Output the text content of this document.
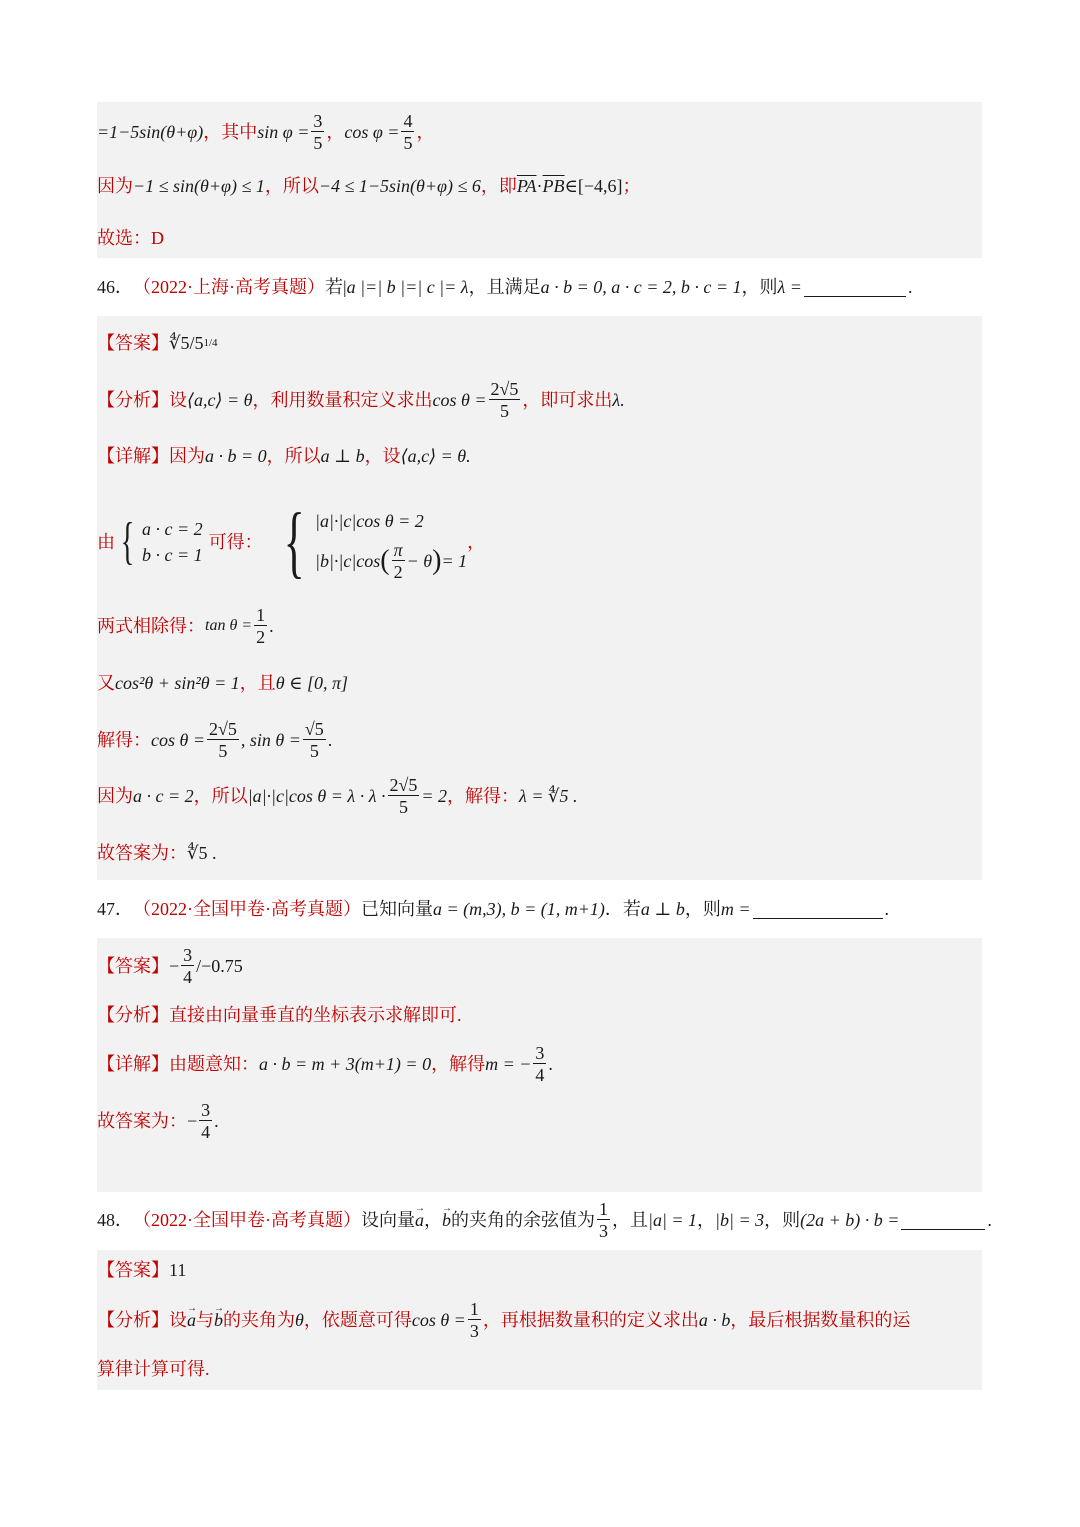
=1−5sin(θ+φ) ，其中 $\sin \varphi = \frac{3}{5}$ ， $\cos \varphi = \frac{4}{5}$ ，
因为 −1 ≤ sin(θ+φ) ≤ 1 ，所以 −4 ≤ 1−5sin(θ+φ) ≤ 6 ，即 $\overline{PA} \cdot \overline{PB}$ ∈[−4,6] ；
故选：D
46． （2022·上海·高考真题） 若| a |=| b |=| c |= λ ，且满足 a · b = 0, a · c = 2, b · c = 1 ，则 λ =	.
【答案】 ∜5 / 5 1/4
【分析】 设 ⟨a,c⟩ = θ ，利用数量积定义求出 $\cos \theta = \frac{2√5}{5}$ ，即可求出 λ.
【详解】 因为 a · b = 0 ，所以 a ⊥ b ，设 ⟨a,c⟩ = θ.
由 { a · c = 2
b · c = 1
可得： { |a|·|c|cos θ = 2
|b|·|c|cos ( $\frac{\pi}{2} - \theta$ ) = 1
，
两式相除得： $\tan \theta = \frac{1}{2}$ .
又 cos²θ + sin²θ = 1 ，且 θ ∈ [0, π]
解得： $\cos \theta = \frac{2√5}{5}$ , $\sin \theta = \frac{√5}{5}$ .
因为 a · c = 2 ，所以 |a|·|c|cos $\theta = \lambda \cdot \lambda \cdot \frac{2√5}{5} = 2$ ，解得： λ = ∜5 .
故答案为： ∜5 .
47． （2022·全国甲卷·高考真题） 已知向量 a = (m,3), b = (1, m+1) ．若 a ⊥ b ，则 m =	.
【答案】 − $\frac{3}{4} /-0.75$
【分析】 直接由向量垂直的坐标表示求解即可.
【详解】 由题意知： a · b = m + 3(m+1) = 0 ，解得 m = − $\frac{3}{4}$ .
故答案为： − $\frac{3}{4}$ .
48． （2022·全国甲卷·高考真题） 设向量 → a ， → b 的夹角的余弦值为 $\frac{1}{3}$ ，且 |a| = 1 ， |b| = 3 ，则 (2a + b) · b =	.
【答案】 11
【分析】 设 → a 与 → b 的夹角为 θ ，依题意可得 $\cos \theta = \frac{1}{3}$ ，再根据数量积的定义求出 a · b ，最后根据数量积的运
算律计算可得.
